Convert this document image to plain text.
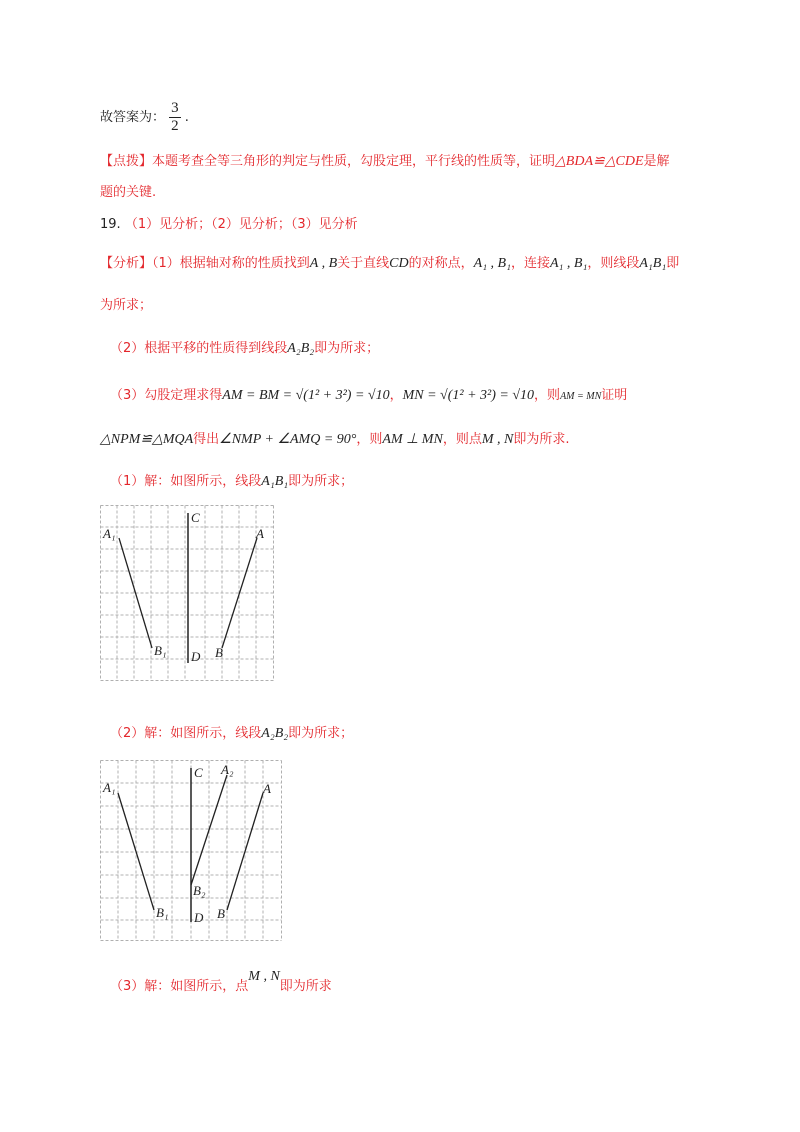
故答案为： $\frac{3}{2}$ .
【点拨】本题考查全等三角形的判定与性质，勾股定理，平行线的性质等，证明△BDA≌△CDE是解
题的关键.
19. （1）见分析；（2）见分析；（3）见分析
【分析】（1）根据轴对称的性质找到A , B关于直线CD的对称点，A₁ , B₁，连接A₁ , B₁，则线段A₁B₁即
为所求；
（2）根据平移的性质得到线段A₂B₂即为所求；
（3）勾股定理求得AM = BM = √(1² + 3²) = √10，MN = √(1² + 3²) = √10，则AM = MN证明
△NPM≌△MQA得出∠NMP + ∠AMQ = 90°，则AM ⊥ MN，则点M , N即为所求.
（1）解：如图所示，线段A₁B₁即为所求；
A₁
B₁
C
D
A
B
（2）解：如图所示，线段A₂B₂即为所求；
A₁
B₁
C
D
A
B
A₂
B₂
（3）解：如图所示，点M , N即为所求
